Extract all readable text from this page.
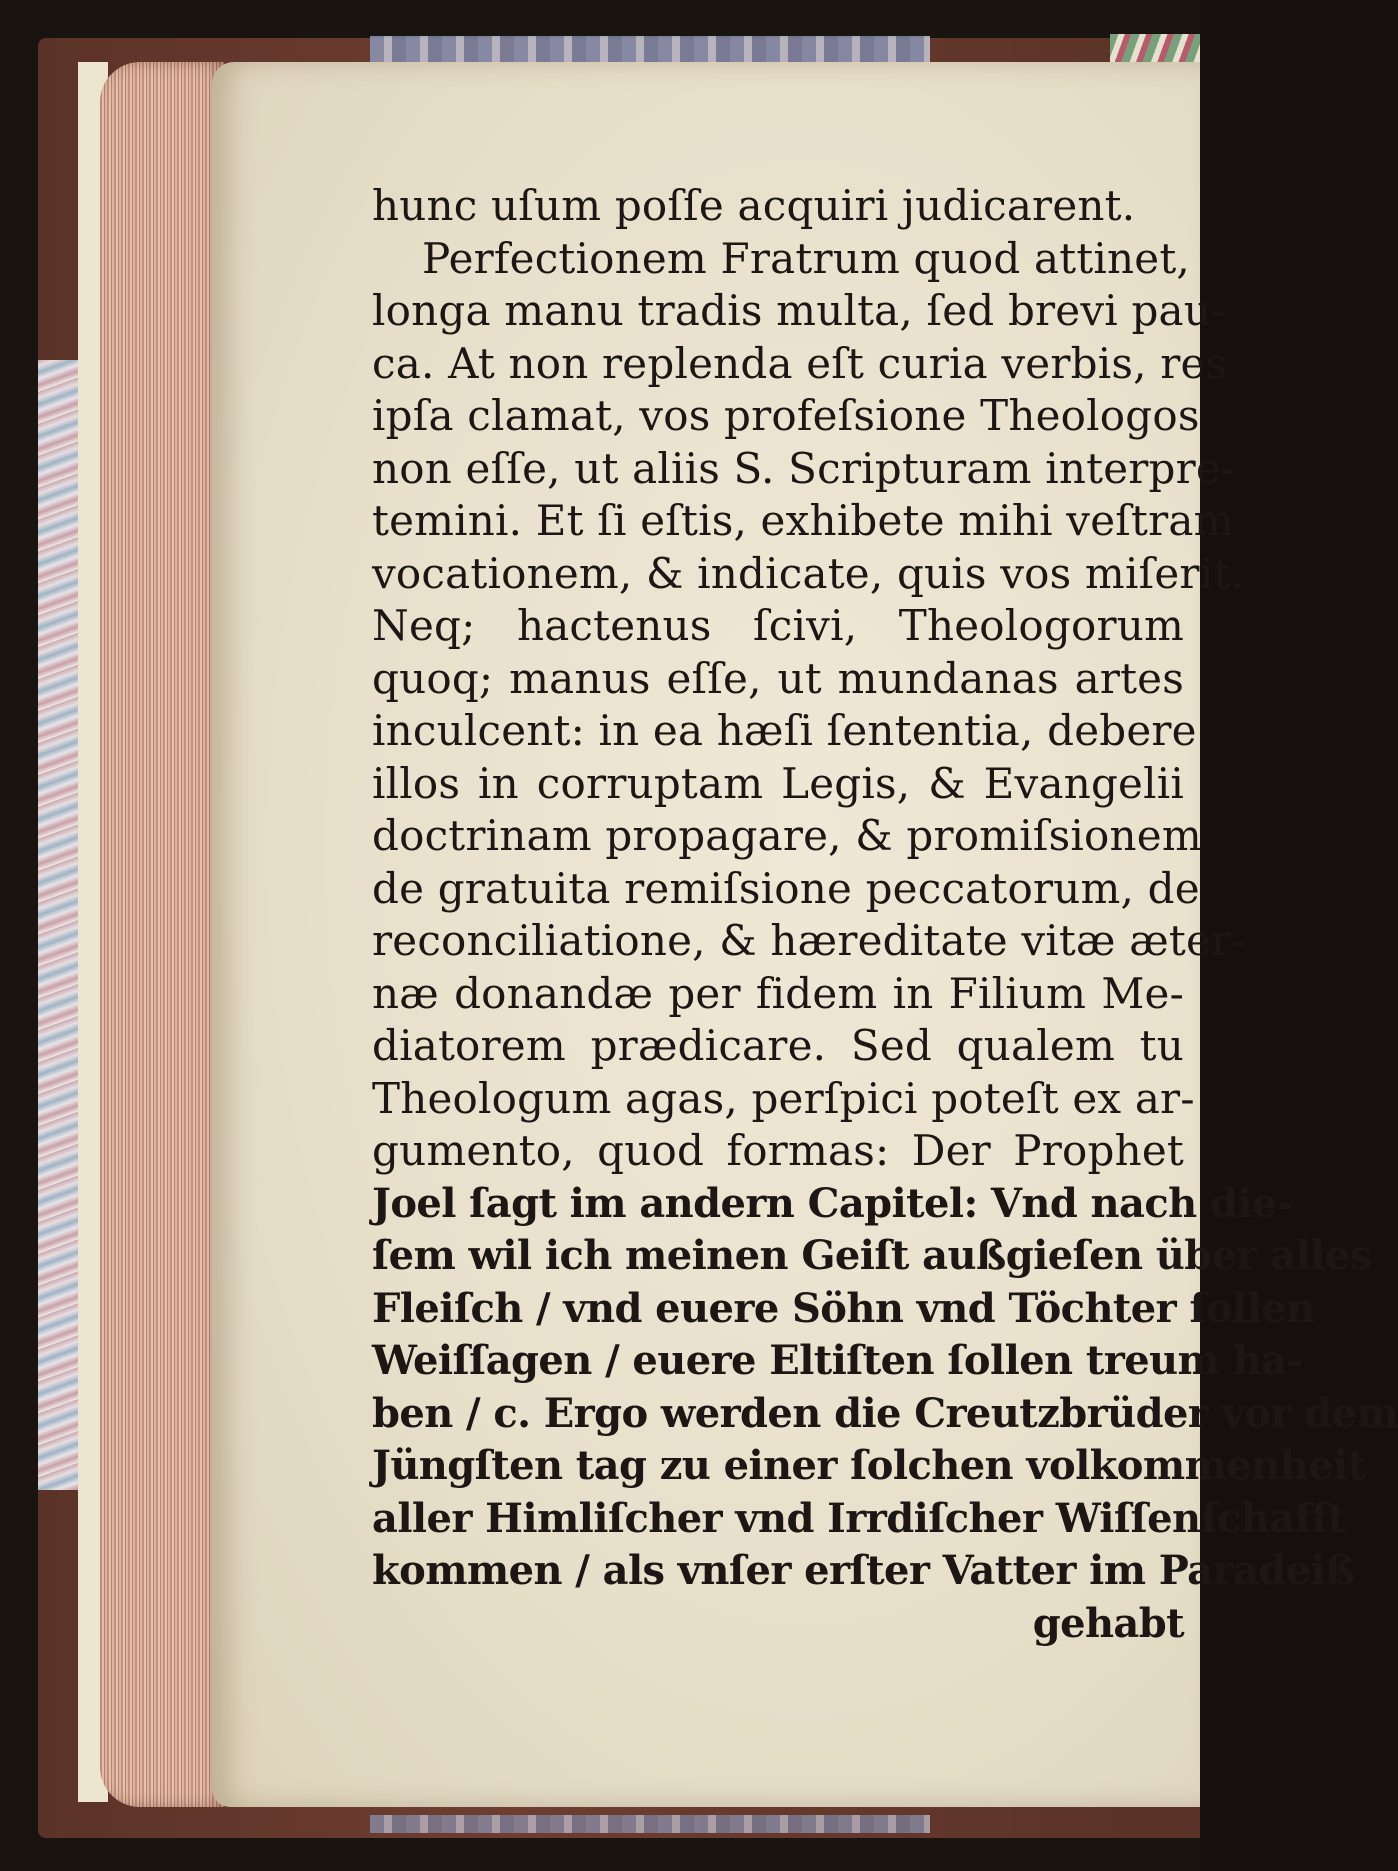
hunc uſum poſſe acquiri judicarent.
Perfectionem Fratrum quod attinet,
longa manu tradis multa, ſed brevi pau-
ca. At non replenda eſt curia verbis, res
ipſa clamat, vos profeſsione Theologos
non eſſe, ut aliis S. Scripturam interpre-
temini. Et ſi eſtis, exhibete mihi veſtram
vocationem, & indicate, quis vos miſerit.
Neq; hactenus ſcivi, Theologorum
quoq; manus eſſe, ut mundanas artes
inculcent: in ea hæſi ſententia, debere
illos in corruptam Legis, & Evangelii
doctrinam propagare, & promiſsionem
de gratuita remiſsione peccatorum, de
reconciliatione, & hæreditate vitæ æter-
næ donandæ per fidem in Filium Me-
diatorem prædicare. Sed qualem tu
Theologum agas, perſpici poteſt ex ar-
gumento, quod formas: Der Prophet
Joel ſagt im andern Capitel: Vnd nach die-
ſem wil ich meinen Geiſt außgieſen über alles
Fleiſch / vnd euere Söhn vnd Töchter ſollen
Weiſſagen / euere Eltiſten ſollen treum ha-
ben / c. Ergo werden die Creutzbrüder vor dem
Jüngſten tag zu einer ſolchen volkommenheit
aller Himliſcher vnd Irrdiſcher Wiſſenſchafft
kommen / als vnſer erſter Vatter im Paradeiß
gehabt
